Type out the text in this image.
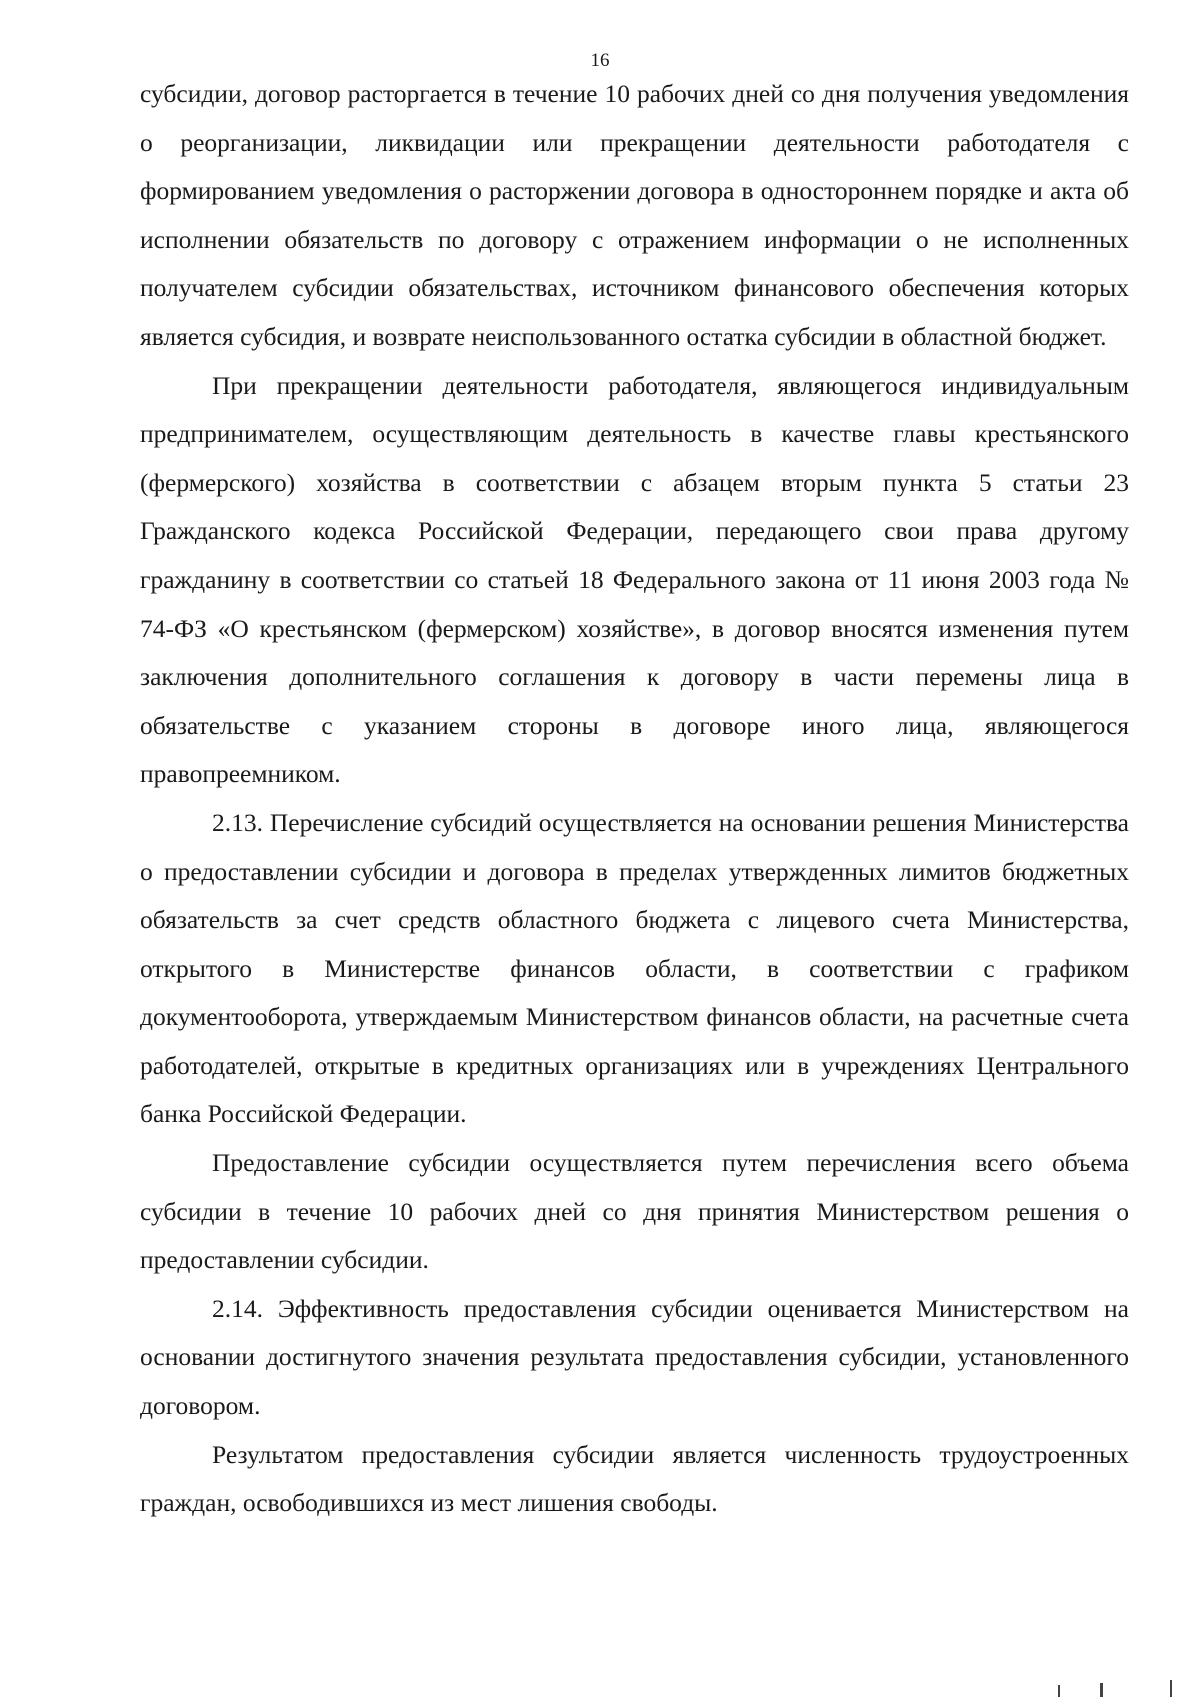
16

субсидии, договор расторгается в течение 10 рабочих дней со дня получения уведомления о реорганизации, ликвидации или прекращении деятельности работодателя с формированием уведомления о расторжении договора в одностороннем порядке и акта об исполнении обязательств по договору с отражением информации о не исполненных получателем субсидии обязательствах, источником финансового обеспечения которых является субсидия, и возврате неиспользованного остатка субсидии в областной бюджет.

При прекращении деятельности работодателя, являющегося индивидуальным предпринимателем, осуществляющим деятельность в качестве главы крестьянского (фермерского) хозяйства в соответствии с абзацем вторым пункта 5 статьи 23 Гражданского кодекса Российской Федерации, передающего свои права другому гражданину в соответствии со статьей 18 Федерального закона от 11 июня 2003 года № 74-ФЗ «О крестьянском (фермерском) хозяйстве», в договор вносятся изменения путем заключения дополнительного соглашения к договору в части перемены лица в обязательстве с указанием стороны в договоре иного лица, являющегося правопреемником.

2.13. Перечисление субсидий осуществляется на основании решения Министерства о предоставлении субсидии и договора в пределах утвержденных лимитов бюджетных обязательств за счет средств областного бюджета с лицевого счета Министерства, открытого в Министерстве финансов области, в соответствии с графиком документооборота, утверждаемым Министерством финансов области, на расчетные счета работодателей, открытые в кредитных организациях или в учреждениях Центрального банка Российской Федерации.

Предоставление субсидии осуществляется путем перечисления всего объема субсидии в течение 10 рабочих дней со дня принятия Министерством решения о предоставлении субсидии.

2.14. Эффективность предоставления субсидии оценивается Министерством на основании достигнутого значения результата предоставления субсидии, установленного договором.

Результатом предоставления субсидии является численность трудоустроенных граждан, освободившихся из мест лишения свободы.
